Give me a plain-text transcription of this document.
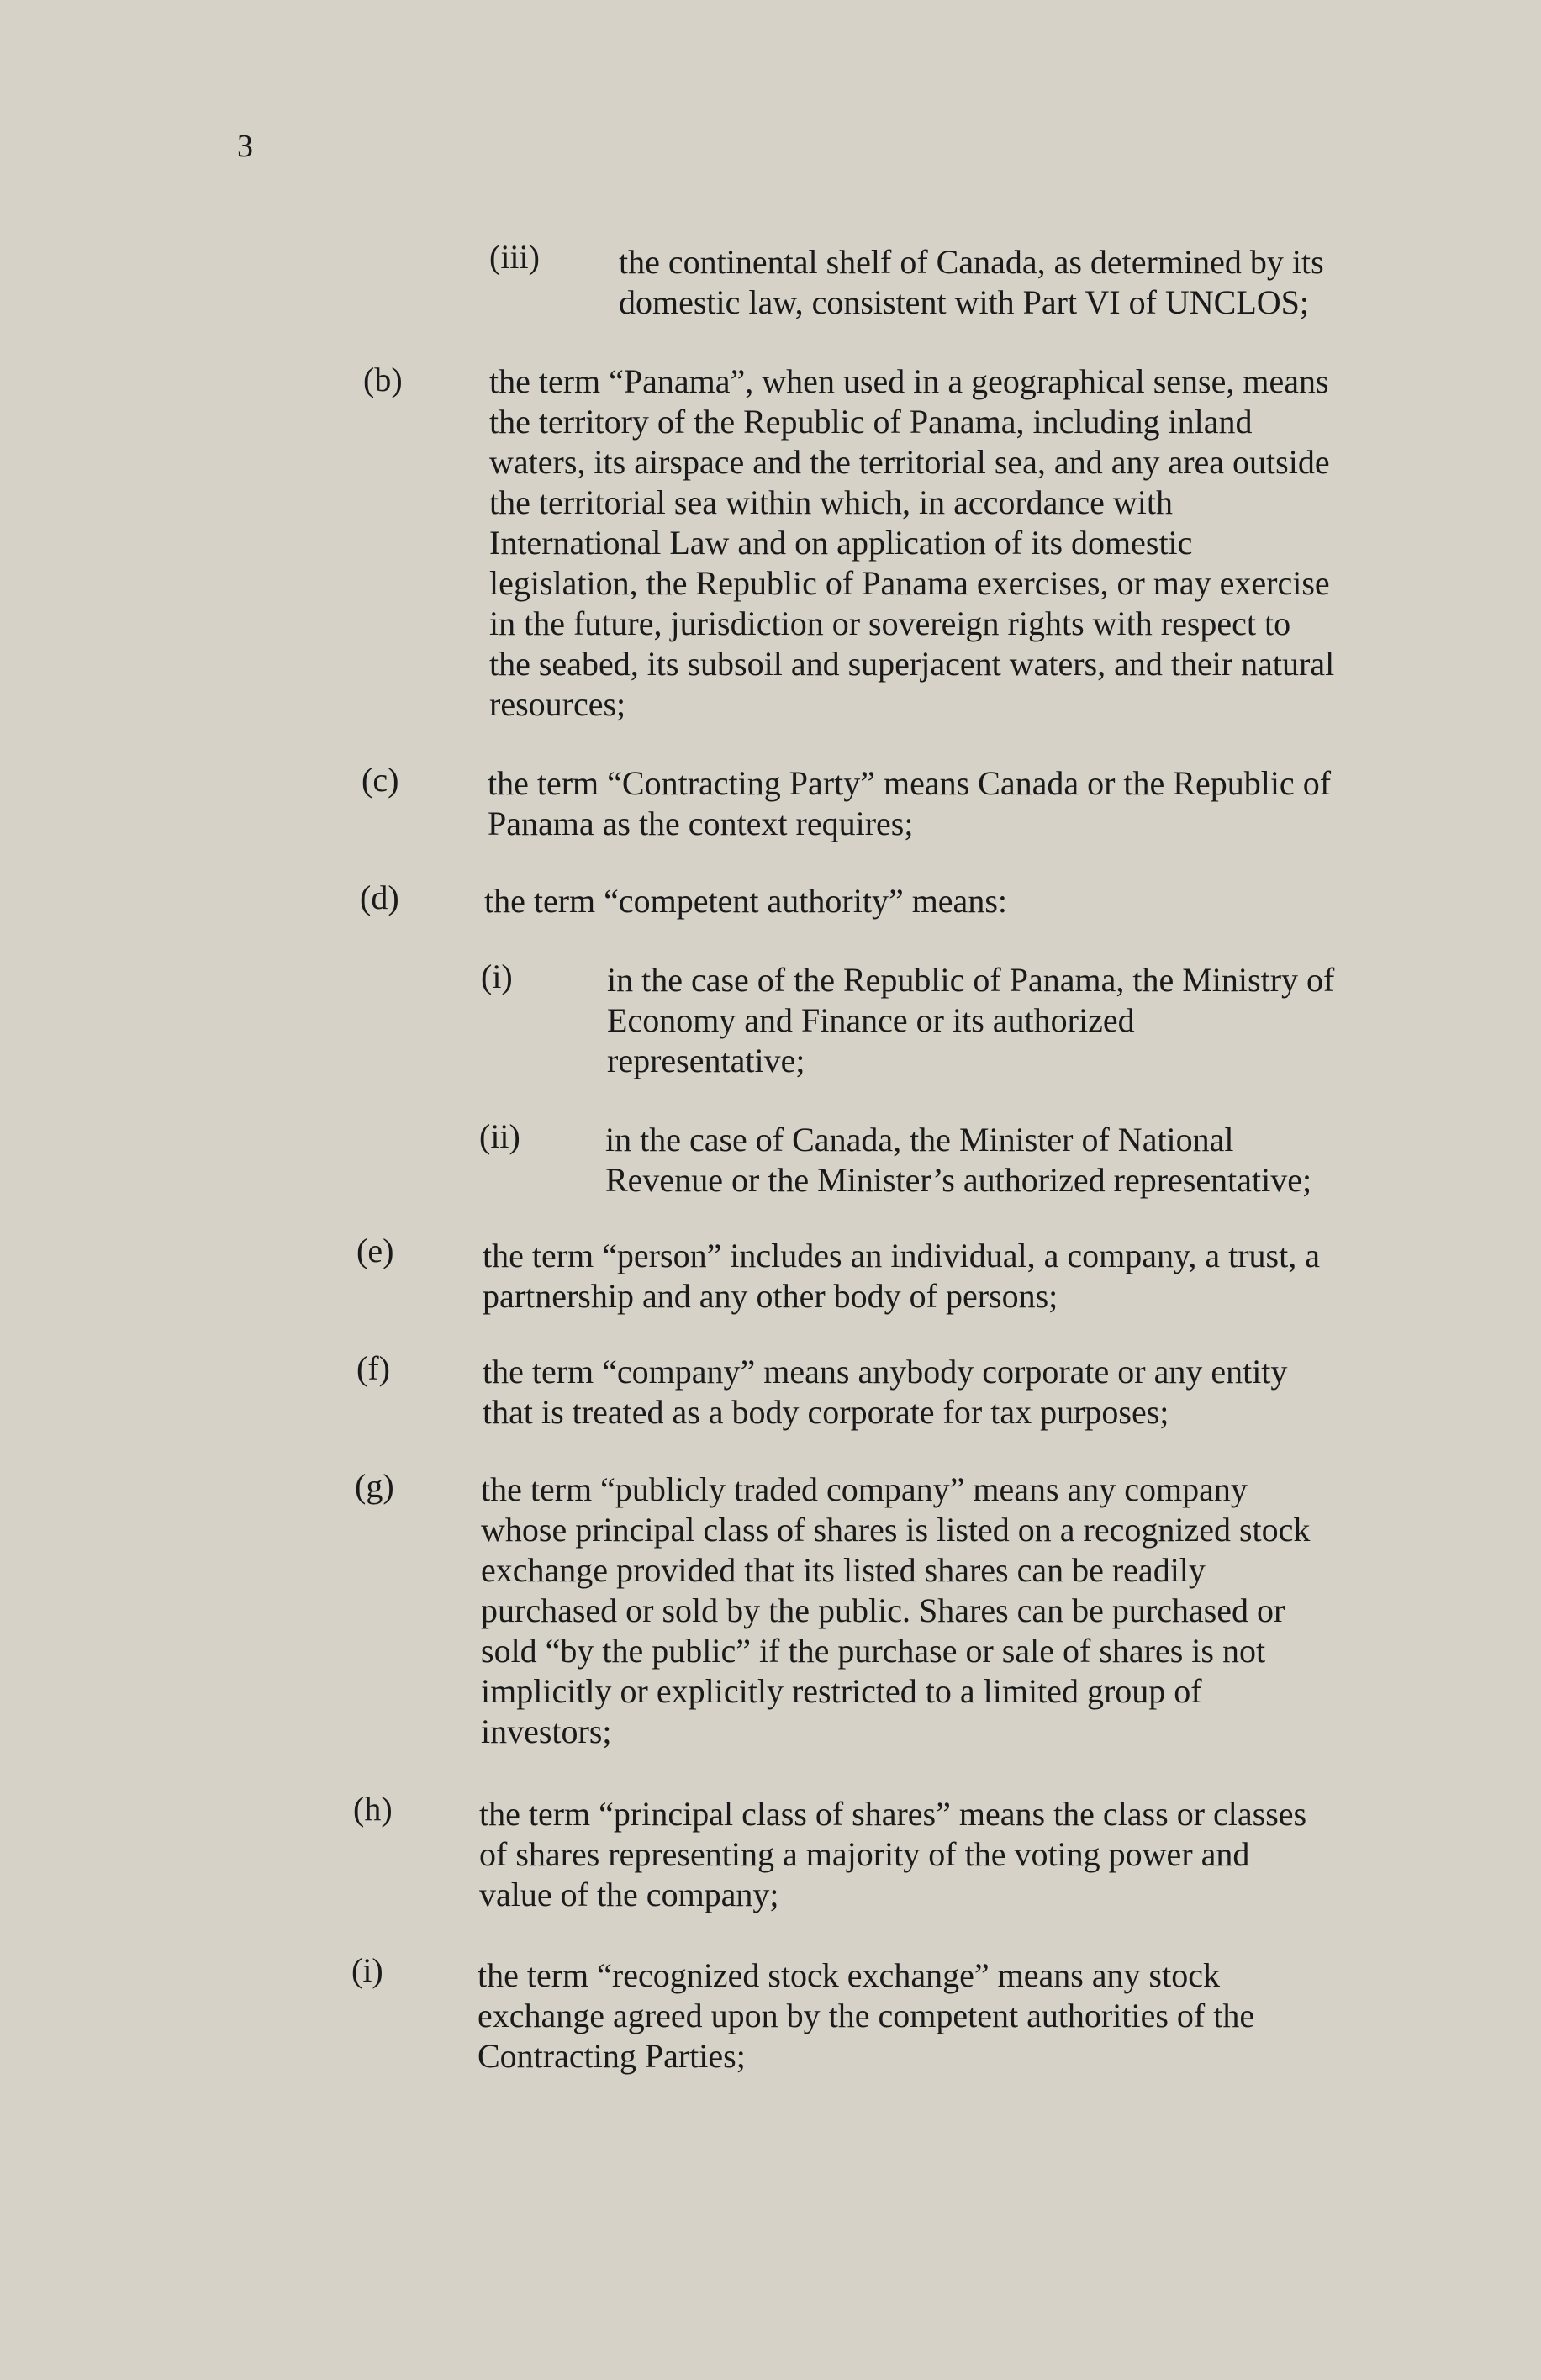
3
(iii) the continental shelf of Canada, as determined by its
domestic law, consistent with Part VI of UNCLOS;
(b)	the term “Panama”, when used in a geographical sense, means
the territory of the Republic of Panama, including inland
waters, its airspace and the territorial sea, and any area outside
the territorial sea within which, in accordance with
International Law and on application of its domestic
legislation, the Republic of Panama exercises, or may exercise
in the future, jurisdiction or sovereign rights with respect to
the seabed, its subsoil and superjacent waters, and their natural
resources;
(c)	the term “Contracting Party” means Canada or the Republic of
Panama as the context requires;
(d)	the term “competent authority” means:
(i)	in the case of the Republic of Panama, the Ministry of
Economy and Finance or its authorized
representative;
(ii)	in the case of Canada, the Minister of National
Revenue or the Minister’s authorized representative;
(e)	the term “person” includes an individual, a company, a trust, a
partnership and any other body of persons;
(f)	the term “company” means anybody corporate or any entity
that is treated as a body corporate for tax purposes;
(g)	the term “publicly traded company” means any company
whose principal class of shares is listed on a recognized stock
exchange provided that its listed shares can be readily
purchased or sold by the public. Shares can be purchased or
sold “by the public” if the purchase or sale of shares is not
implicitly or explicitly restricted to a limited group of
investors;
(h)	the term “principal class of shares” means the class or classes
of shares representing a majority of the voting power and
value of the company;
(i)	the term “recognized stock exchange” means any stock
exchange agreed upon by the competent authorities of the
Contracting Parties;
